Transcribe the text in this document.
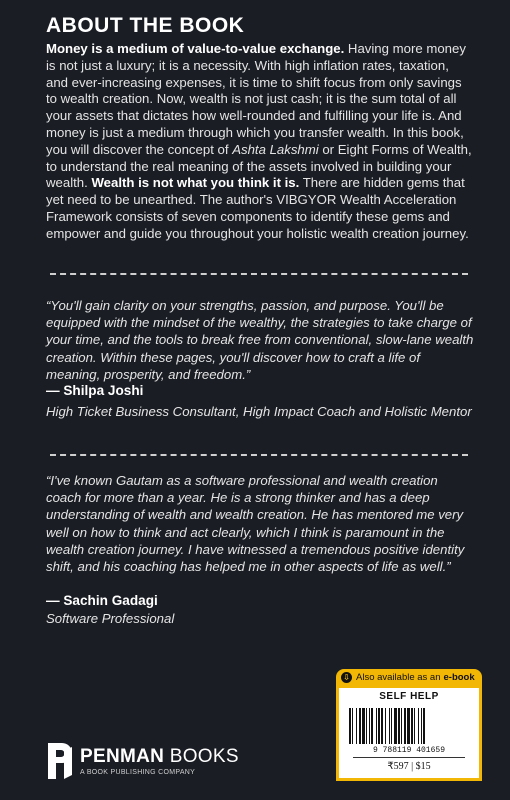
ABOUT THE BOOK
Money is a medium of value-to-value exchange. Having more money is not just a luxury; it is a necessity. With high inflation rates, taxation, and ever-increasing expenses, it is time to shift focus from only savings to wealth creation. Now, wealth is not just cash; it is the sum total of all your assets that dictates how well-rounded and fulfilling your life is. And money is just a medium through which you transfer wealth. In this book, you will discover the concept of Ashta Lakshmi or Eight Forms of Wealth, to understand the real meaning of the assets involved in building your wealth. Wealth is not what you think it is. There are hidden gems that yet need to be unearthed. The author's VIBGYOR Wealth Acceleration Framework consists of seven components to identify these gems and empower and guide you throughout your holistic wealth creation journey.
“You'll gain clarity on your strengths, passion, and purpose. You'll be equipped with the mindset of the wealthy, the strategies to take charge of your time, and the tools to break free from conventional, slow-lane wealth creation. Within these pages, you'll discover how to craft a life of meaning, prosperity, and freedom.”
— Shilpa Joshi
High Ticket Business Consultant, High Impact Coach and Holistic Mentor
“I've known Gautam as a software professional and wealth creation coach for more than a year. He is a strong thinker and has a deep understanding of wealth and wealth creation. He has mentored me very well on how to think and act clearly, which I think is paramount in the wealth creation journey. I have witnessed a tremendous positive identity shift, and his coaching has helped me in other aspects of life as well.”
— Sachin Gadagi
Software Professional
PENMAN BOOKS
A BOOK PUBLISHING COMPANY
⇩ Also available as an e-book
SELF HELP
9 788119 401659
₹597 | $15
